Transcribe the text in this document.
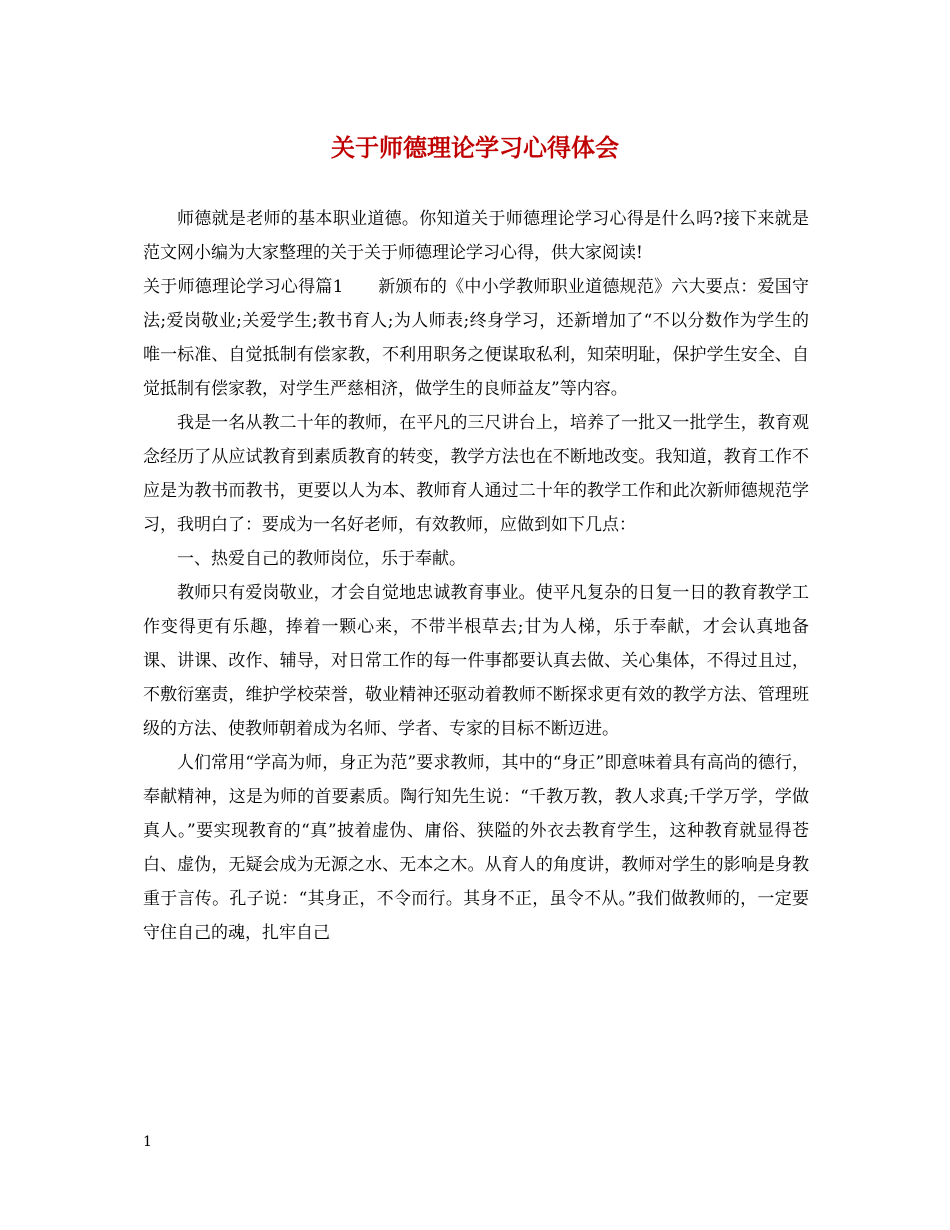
关于师德理论学习心得体会

师德就是老师的基本职业道德。你知道关于师德理论学习心得是什么吗?接下来就是范文网小编为大家整理的关于关于师德理论学习心得，供大家阅读!

关于师德理论学习心得篇1　　新颁布的《中小学教师职业道德规范》六大要点：爱国守法;爱岗敬业;关爱学生;教书育人;为人师表;终身学习，还新增加了“不以分数作为学生的唯一标准、自觉抵制有偿家教，不利用职务之便谋取私利，知荣明耻，保护学生安全、自觉抵制有偿家教，对学生严慈相济，做学生的良师益友”等内容。

我是一名从教二十年的教师，在平凡的三尺讲台上，培养了一批又一批学生，教育观念经历了从应试教育到素质教育的转变，教学方法也在不断地改变。我知道，教育工作不应是为教书而教书，更要以人为本、教师育人通过二十年的教学工作和此次新师德规范学习，我明白了：要成为一名好老师，有效教师，应做到如下几点：

一、热爱自己的教师岗位，乐于奉献。

教师只有爱岗敬业，才会自觉地忠诚教育事业。使平凡复杂的日复一日的教育教学工作变得更有乐趣，捧着一颗心来，不带半根草去;甘为人梯，乐于奉献，才会认真地备课、讲课、改作、辅导，对日常工作的每一件事都要认真去做、关心集体，不得过且过，不敷衍塞责，维护学校荣誉，敬业精神还驱动着教师不断探求更有效的教学方法、管理班级的方法、使教师朝着成为名师、学者、专家的目标不断迈进。

人们常用“学高为师，身正为范”要求教师，其中的“身正”即意味着具有高尚的德行，奉献精神，这是为师的首要素质。陶行知先生说：“千教万教，教人求真;千学万学，学做真人。”要实现教育的“真”披着虚伪、庸俗、狭隘的外衣去教育学生，这种教育就显得苍白、虚伪，无疑会成为无源之水、无本之木。从育人的角度讲，教师对学生的影响是身教重于言传。孔子说：“其身正，不令而行。其身不正，虽令不从。”我们做教师的，一定要守住自己的魂，扎牢自己

1
